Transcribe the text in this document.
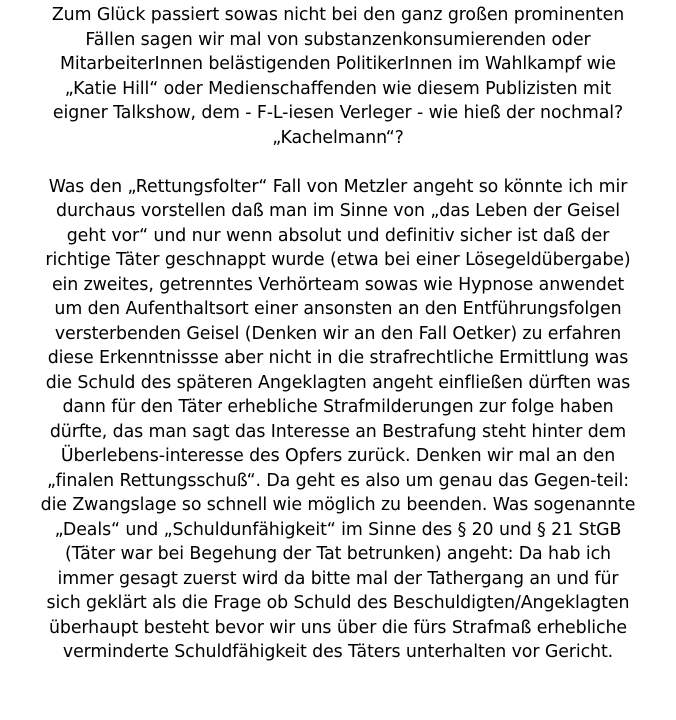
Zum Glück passiert sowas nicht bei den ganz großen prominenten
Fällen sagen wir mal von substanzenkonsumierenden oder
MitarbeiterInnen belästigenden PolitikerInnen im Wahlkampf wie
„Katie Hill“ oder Medienschaffenden wie diesem Publizisten mit
eigner Talkshow, dem - F-L-iesen Verleger - wie hieß der nochmal?
„Kachelmann“?

Was den „Rettungsfolter“ Fall von Metzler angeht so könnte ich mir
durchaus vorstellen daß man im Sinne von „das Leben der Geisel
geht vor“ und nur wenn absolut und definitiv sicher ist daß der
richtige Täter geschnappt wurde (etwa bei einer Lösegeldübergabe)
ein zweites, getrenntes Verhörteam sowas wie Hypnose anwendet
um den Aufenthaltsort einer ansonsten an den Entführungsfolgen
versterbenden Geisel (Denken wir an den Fall Oetker) zu erfahren
diese Erkenntnissse aber nicht in die strafrechtliche Ermittlung was
die Schuld des späteren Angeklagten angeht einfließen dürften was
dann für den Täter erhebliche Strafmilderungen zur folge haben
dürfte, das man sagt das Interesse an Bestrafung steht hinter dem
Überlebens-interesse des Opfers zurück. Denken wir mal an den
„finalen Rettungsschuß“. Da geht es also um genau das Gegen-teil:
die Zwangslage so schnell wie möglich zu beenden. Was sogenannte
„Deals“ und „Schuldunfähigkeit“ im Sinne des § 20 und § 21 StGB
(Täter war bei Begehung der Tat betrunken) angeht: Da hab ich
immer gesagt zuerst wird da bitte mal der Tathergang an und für
sich geklärt als die Frage ob Schuld des Beschuldigten/Angeklagten
überhaupt besteht bevor wir uns über die fürs Strafmaß erhebliche
verminderte Schuldfähigkeit des Täters unterhalten vor Gericht.
